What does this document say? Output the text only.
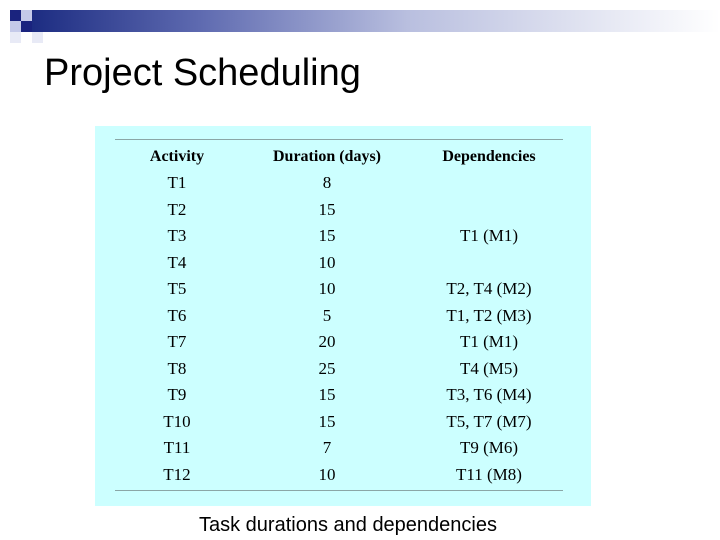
Project Scheduling
Activity	Duration (days)	Dependencies
T1	8	
T2	15	
T3	15	T1 (M1)
T4	10	
T5	10	T2, T4 (M2)
T6	5	T1, T2 (M3)
T7	20	T1 (M1)
T8	25	T4 (M5)
T9	15	T3, T6 (M4)
T10	15	T5, T7 (M7)
T11	7	T9 (M6)
T12	10	T11 (M8)
Task durations and dependencies
